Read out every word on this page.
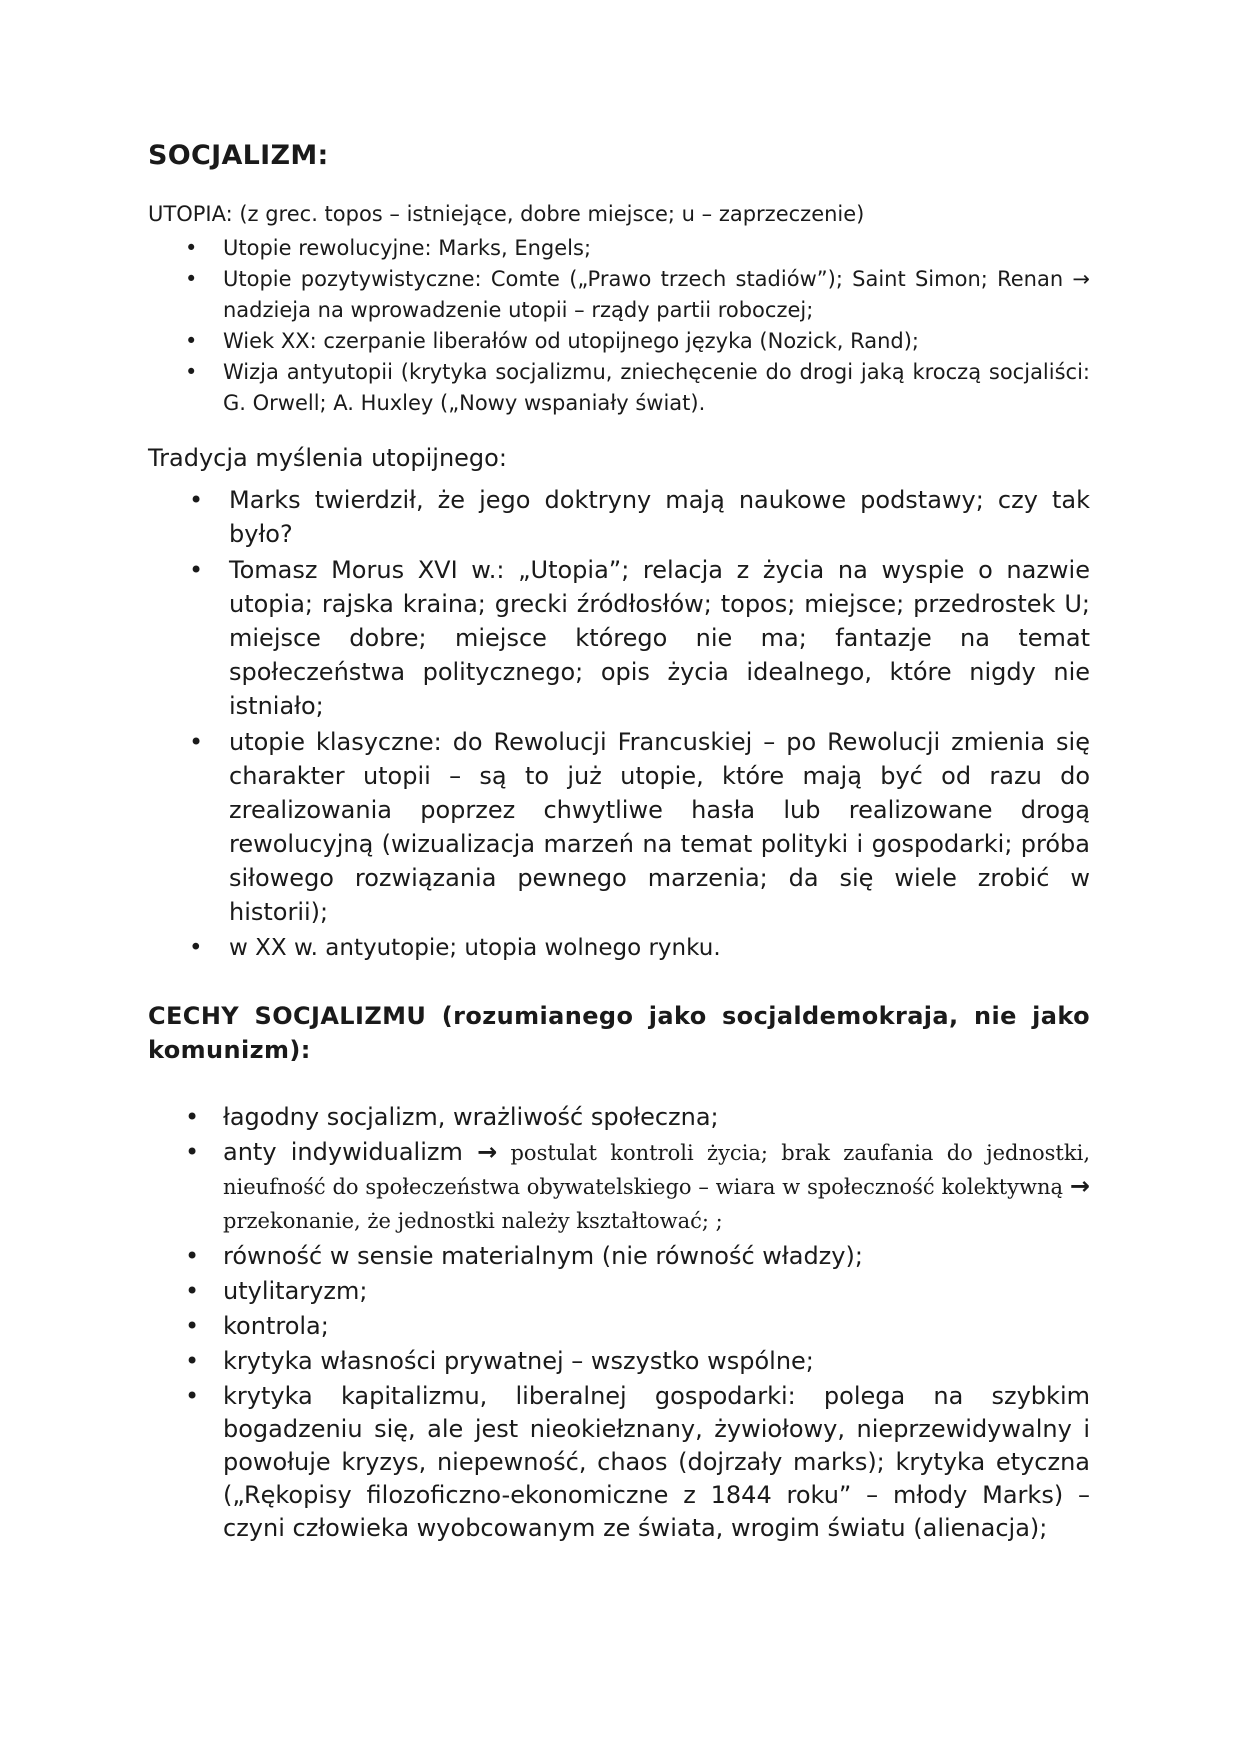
SOCJALIZM:

UTOPIA: (z grec. topos – istniejące, dobre miejsce; u – zaprzeczenie)

• Utopie rewolucyjne: Marks, Engels;
• Utopie pozytywistyczne: Comte („Prawo trzech stadiów”); Saint Simon; Renan → nadzieja na wprowadzenie utopii – rządy partii roboczej;
• Wiek XX: czerpanie liberałów od utopijnego języka (Nozick, Rand);
• Wizja antyutopii (krytyka socjalizmu, zniechęcenie do drogi jaką kroczą socjaliści: G. Orwell; A. Huxley („Nowy wspaniały świat).

Tradycja myślenia utopijnego:

• Marks twierdził, że jego doktryny mają naukowe podstawy; czy tak było?
• Tomasz Morus XVI w.: „Utopia”; relacja z życia na wyspie o nazwie utopia; rajska kraina; grecki źródłosłów; topos; miejsce; przedrostek U; miejsce dobre; miejsce którego nie ma; fantazje na temat społeczeństwa politycznego; opis życia idealnego, które nigdy nie istniało;
• utopie klasyczne: do Rewolucji Francuskiej – po Rewolucji zmienia się charakter utopii – są to już utopie, które mają być od razu do zrealizowania poprzez chwytliwe hasła lub realizowane drogą rewolucyjną (wizualizacja marzeń na temat polityki i gospodarki; próba siłowego rozwiązania pewnego marzenia; da się wiele zrobić w historii);
• w XX w. antyutopie; utopia wolnego rynku.
CECHY SOCJALIZMU (rozumianego jako socjaldemokraja, nie jako komunizm):
• łagodny socjalizm, wrażliwość społeczna;
• anty indywidualizm → postulat kontroli życia; brak zaufania do jednostki, nieufność do społeczeństwa obywatelskiego – wiara w społeczność kolektywną → przekonanie, że jednostki należy kształtować; ;
• równość w sensie materialnym (nie równość władzy);
• utylitaryzm;
• kontrola;
• krytyka własności prywatnej – wszystko wspólne;
• krytyka kapitalizmu, liberalnej gospodarki: polega na szybkim bogadzeniu się, ale jest nieokiełznany, żywiołowy, nieprzewidywalny i powołuje kryzys, niepewność, chaos (dojrzały marks); krytyka etyczna („Rękopisy filozoficzno-ekonomiczne z 1844 roku” – młody Marks) – czyni człowieka wyobcowanym ze świata, wrogim światu (alienacja);
